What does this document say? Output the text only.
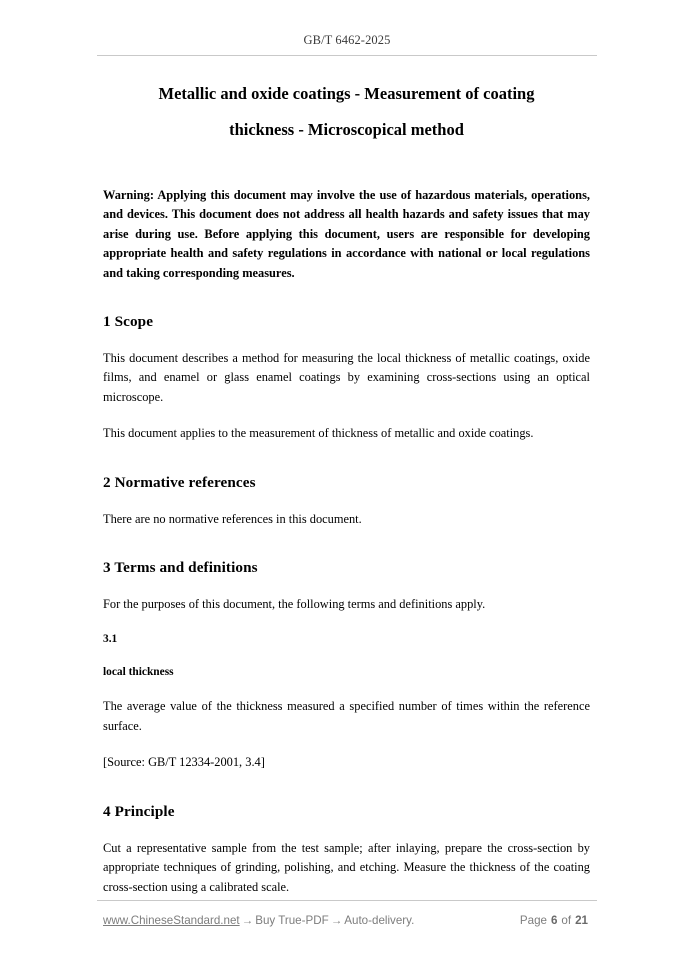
GB/T 6462-2025
Metallic and oxide coatings - Measurement of coating
thickness - Microscopical method

Warning: Applying this document may involve the use of hazardous materials, operations, and devices. This document does not address all health hazards and safety issues that may arise during use. Before applying this document, users are responsible for developing appropriate health and safety regulations in accordance with national or local regulations and taking corresponding measures.

1 Scope

This document describes a method for measuring the local thickness of metallic coatings, oxide films, and enamel or glass enamel coatings by examining cross-sections using an optical microscope.

This document applies to the measurement of thickness of metallic and oxide coatings.

2 Normative references

There are no normative references in this document.

3 Terms and definitions

For the purposes of this document, the following terms and definitions apply.

3.1

local thickness

The average value of the thickness measured a specified number of times within the reference surface.

[Source: GB/T 12334-2001, 3.4]

4 Principle

Cut a representative sample from the test sample; after inlaying, prepare the cross-section by appropriate techniques of grinding, polishing, and etching. Measure the thickness of the coating cross-section using a calibrated scale.

www.ChineseStandard.net → Buy True-PDF → Auto-delivery.	Page 6 of 21
